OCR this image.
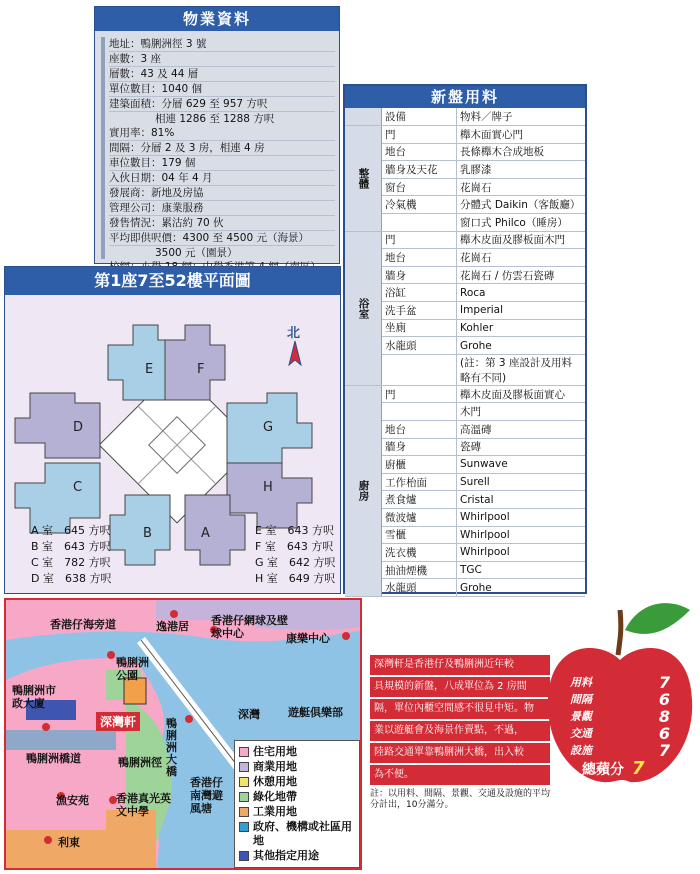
物業資料
地址：鴨脷洲徑 3 號
座數：3 座
層數：43 及 44 層
單位數目：1040 個
建築面積：分層 629 至 957 方呎
相連 1286 至 1288 方呎
實用率：81%
間隔：分層 2 及 3 房，相連 4 房
車位數目：179 個
入伙日期：04 年 4 月
發展商：新地及房協
管理公司：康業服務
發售情況：累沽約 70 伙
平均即供呎價：4300 至 4500 元（海景）
3500 元（園景）
第1座7至52樓平面圖
E	F
G
H
A
B
C
D
北
A 室　645 方呎
B 室　643 方呎
C 室　782 方呎
D 室　638 方呎
E 室　643 方呎
F 室　643 方呎
G 室　642 方呎
H 室　649 方呎
新盤用料
	設備	物料／牌子

整體	門	櫸木面實心門
	地台	長條櫸木合成地板
	牆身及天花	乳膠漆
	窗台	花崗石
	冷氣機	分體式 Daikin（客飯廳）
		窗口式 Philco（睡房）

浴室	門	櫸木皮面及膠板面木門
	地台	花崗石
	牆身	花崗石 / 仿雲石瓷磚
	浴缸	Roca
	洗手盆	Imperial
	坐廁	Kohler
	水龍頭	Grohe
		(註：第 3 座設計及用料略有不同)

廚房	門	櫸木皮面及膠板面實心
		木門
	地台	高溫磚
	牆身	瓷磚
	廚櫃	Sunwave
	工作枱面	Surell
	煮食爐	Cristal
	微波爐	Whirlpool
	雪櫃	Whirlpool
	洗衣機	Whirlpool
	抽油煙機	TGC
	水龍頭	Grohe
香港仔海旁道	逸港居 香港仔網球及壁球中心	康樂中心
鴨脷洲公園
鴨脷洲市政大廈
深灣軒
深灣	遊艇俱樂部
鴨脷洲橋道	鴨脷洲徑
鴨脷洲大橋
香港仔南灣避風塘
漁安苑 香港真光英文中學
利東
住宅用地
商業用地
休憩用地
綠化地帶
工業用地
政府、機構或社區用地
其他指定用途
深灣軒是香港仔及鴨脷洲近年較
具規模的新盤，八成單位為 2 房間
隔，單位內櫃空間感不很見中矩。物
業以遊艇會及海景作賣點，不過，
陸路交通單靠鴨脷洲大橋，出入較
為不便。
註：以用料、間隔、景觀、交通及設施的平均分計出，10分滿分。
用料	7
間隔	6
景觀	8
交通	6
設施	7
總蘋分 7
